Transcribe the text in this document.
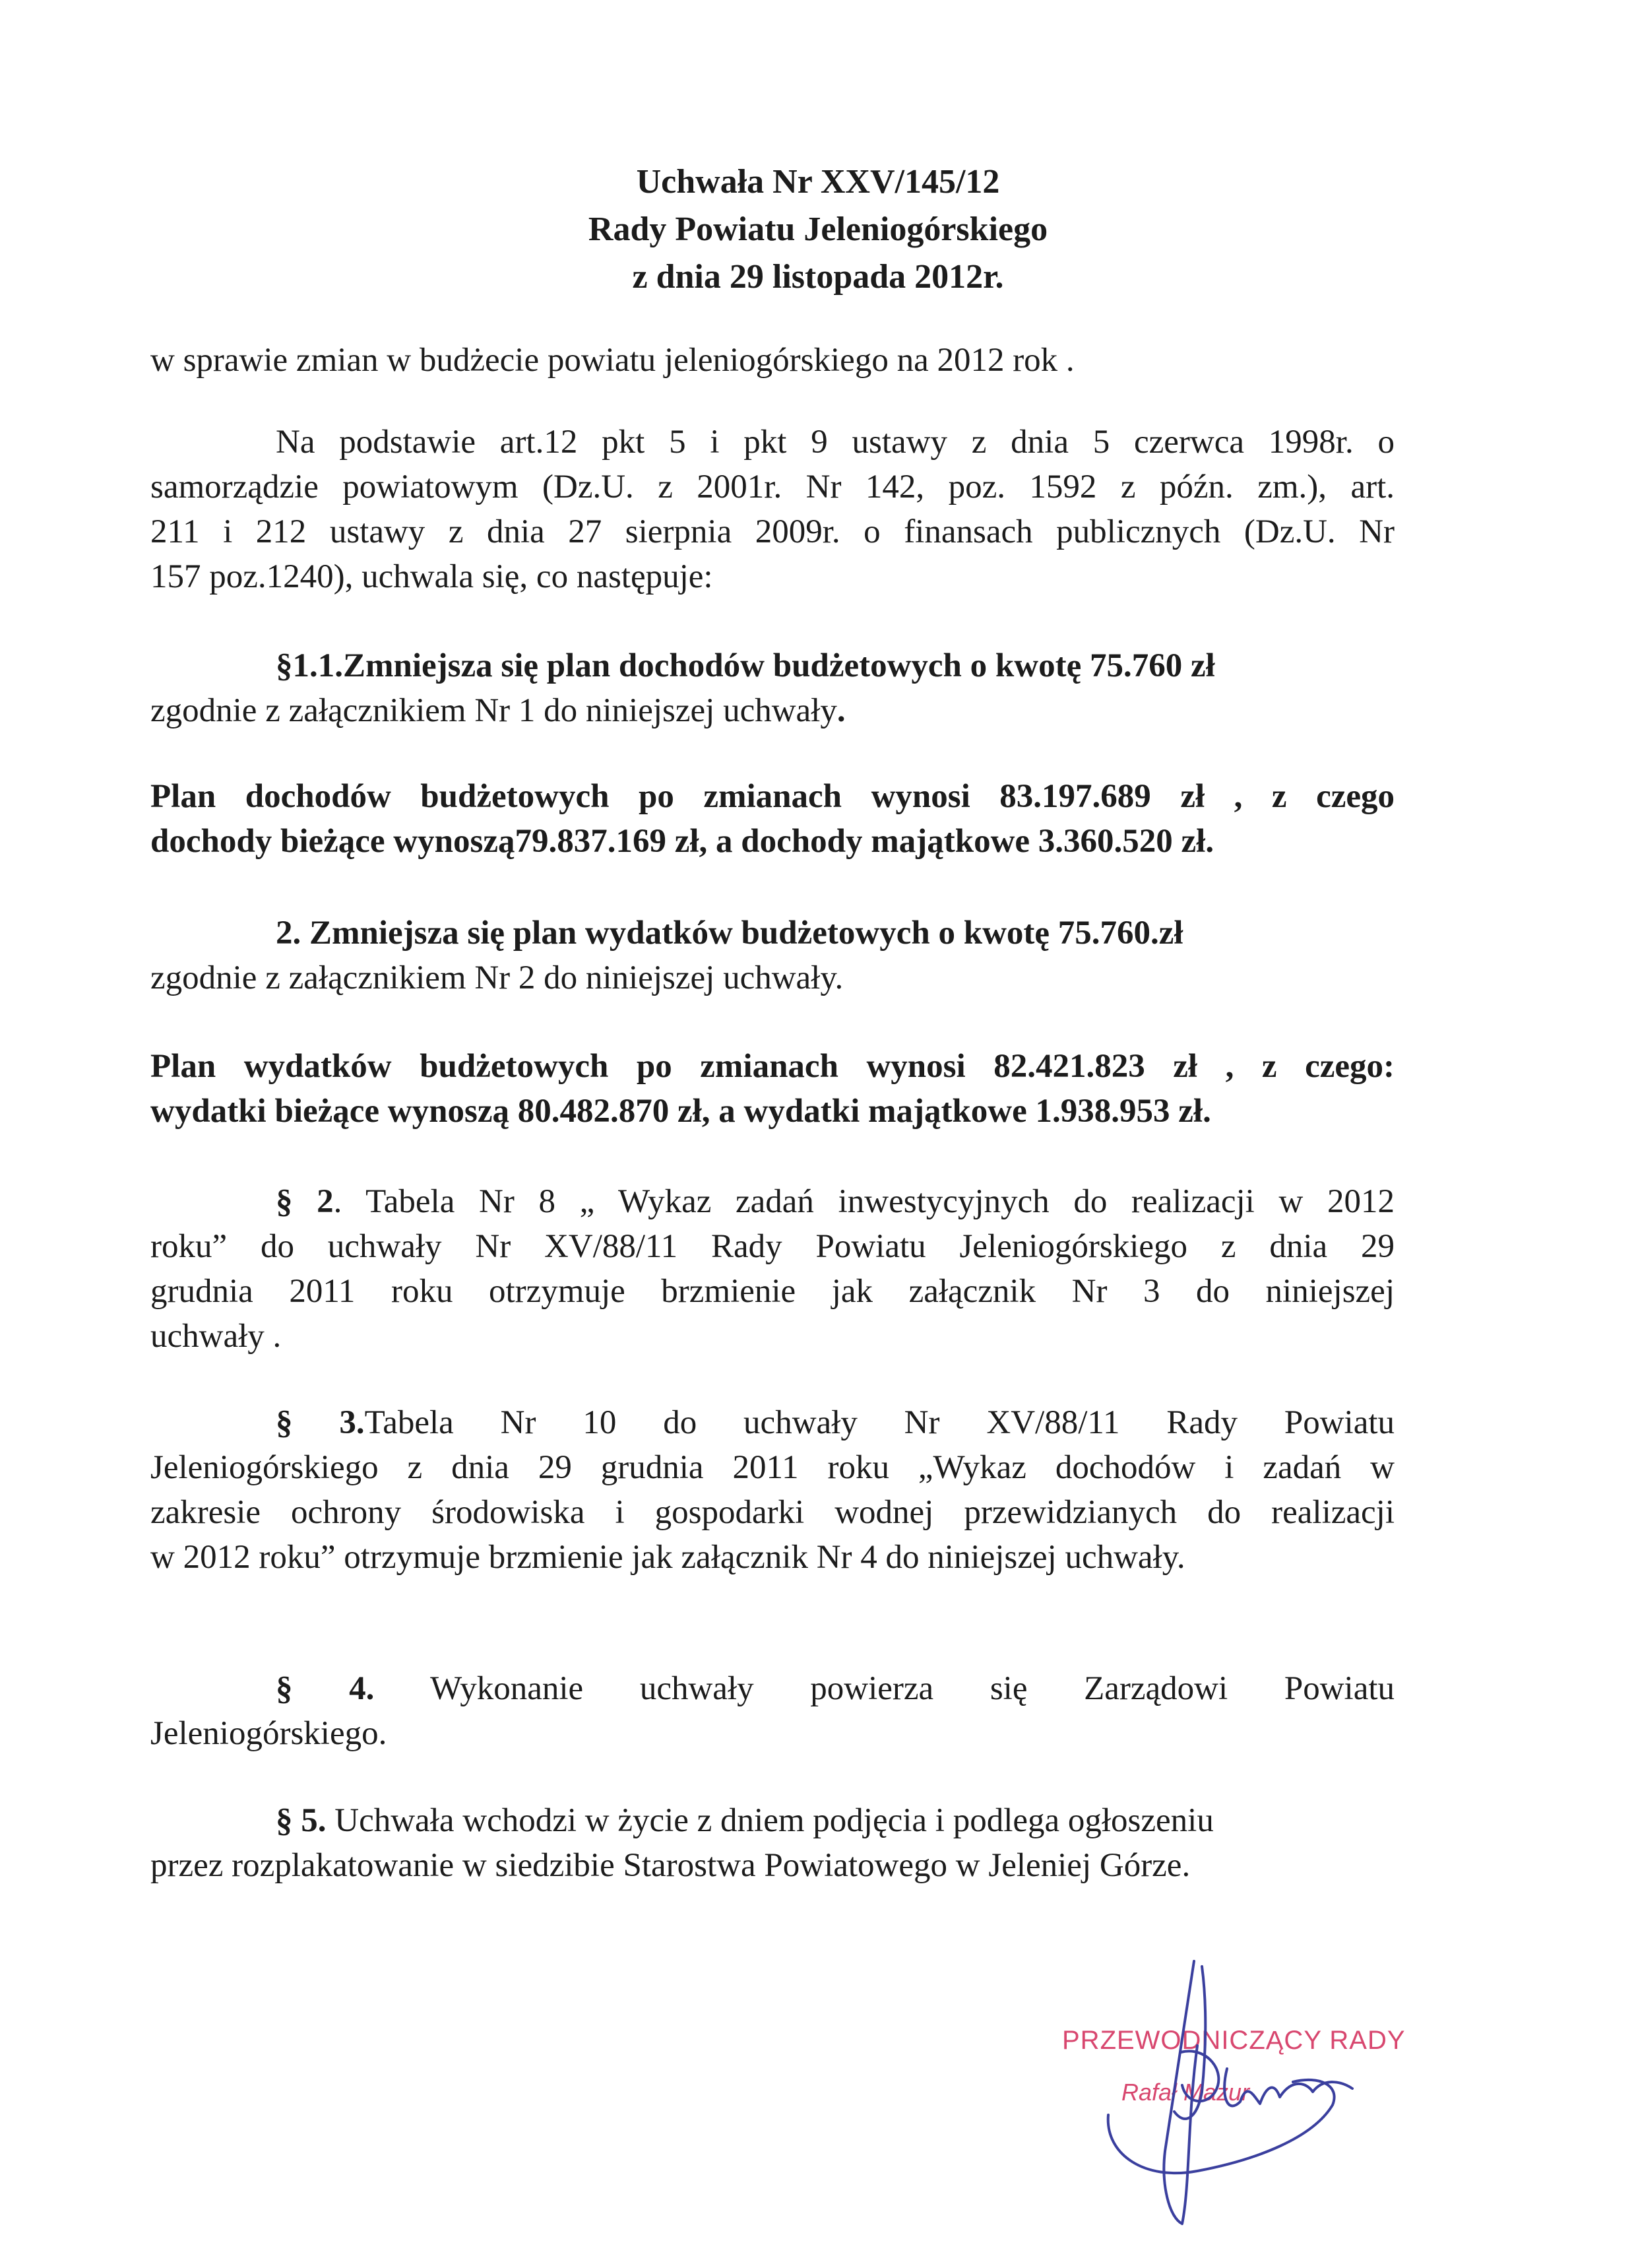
Uchwała Nr XXV/145/12
Rady Powiatu Jeleniogórskiego
z dnia 29 listopada 2012r.
w sprawie zmian w budżecie powiatu jeleniogórskiego na 2012 rok .
Na podstawie art.12 pkt 5 i pkt 9 ustawy z dnia 5 czerwca 1998r. o
samorządzie powiatowym (Dz.U. z 2001r. Nr 142, poz. 1592 z późn. zm.), art.
211 i 212 ustawy z dnia 27 sierpnia 2009r. o finansach publicznych (Dz.U. Nr
157 poz.1240), uchwala się, co następuje:
§1.1.Zmniejsza się plan dochodów budżetowych o kwotę 75.760 zł
zgodnie z załącznikiem Nr 1 do niniejszej uchwały.
Plan dochodów budżetowych po zmianach wynosi 83.197.689 zł , z czego
dochody bieżące wynoszą79.837.169 zł, a dochody majątkowe 3.360.520 zł.
2. Zmniejsza się plan wydatków budżetowych o kwotę 75.760.zł
zgodnie z załącznikiem Nr 2 do niniejszej uchwały.
Plan wydatków budżetowych po zmianach wynosi 82.421.823 zł , z czego:
wydatki bieżące wynoszą 80.482.870 zł, a wydatki majątkowe 1.938.953 zł.
§ 2. Tabela Nr 8 „ Wykaz zadań inwestycyjnych do realizacji w 2012
roku” do uchwały Nr XV/88/11 Rady Powiatu Jeleniogórskiego z dnia 29
grudnia 2011 roku otrzymuje brzmienie jak załącznik Nr 3 do niniejszej
uchwały .
§ 3.Tabela Nr 10 do uchwały Nr XV/88/11 Rady Powiatu
Jeleniogórskiego z dnia 29 grudnia 2011 roku „Wykaz dochodów i zadań w
zakresie ochrony środowiska i gospodarki wodnej przewidzianych do realizacji
w 2012 roku” otrzymuje brzmienie jak załącznik Nr 4 do niniejszej uchwały.
§ 4. Wykonanie uchwały powierza się Zarządowi Powiatu
Jeleniogórskiego.
§ 5. Uchwała wchodzi w życie z dniem podjęcia i podlega ogłoszeniu
przez rozplakatowanie w siedzibie Starostwa Powiatowego w Jeleniej Górze.
PRZEWODNICZĄCY RADY
Rafał Mazur
